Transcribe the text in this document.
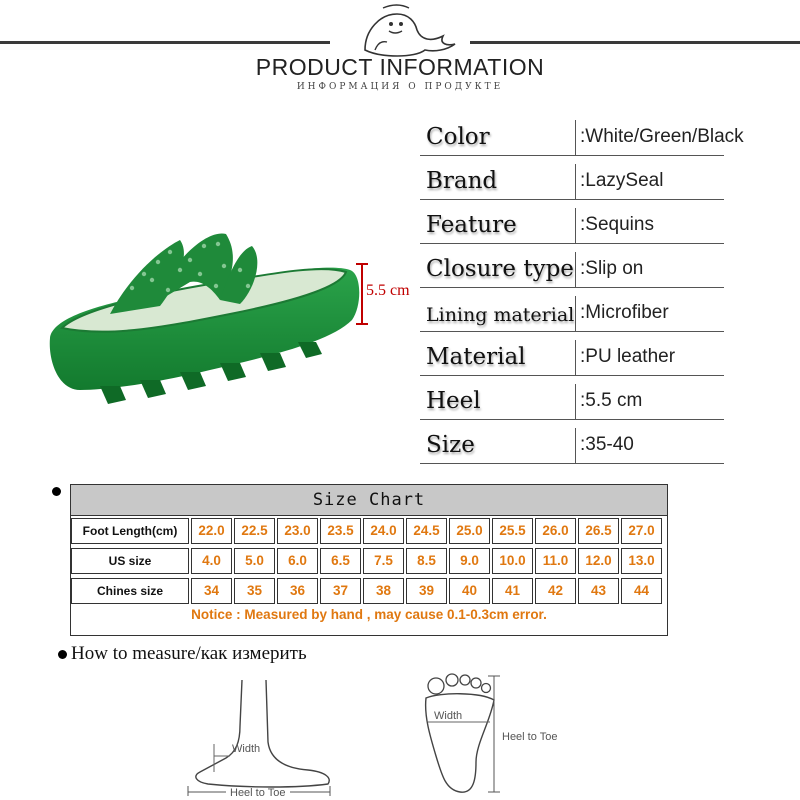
PRODUCT INFORMATION
ИНФОРМАЦИЯ О ПРОДУКТЕ
5.5 cm
Color	:White/Green/Black
Brand	:LazySeal
Feature	:Sequins
Closure type :Slip on
Lining material :Microfiber
Material	:PU leather
Heel	:5.5 cm
Size	:35-40
Size Chart
Foot Length(cm)	22.0	22.5	23.0	23.5	24.0	24.5	25.0	25.5	26.0	26.5	27.0
US size	4.0	5.0	6.0	6.5	7.5	8.5	9.0	10.0	11.0	12.0	13.0
Chines size	34	35	36	37	38	39	40	41	42	43	44
Notice : Measured by hand , may cause 0.1-0.3cm error.
How to measure/как измерить
Width
Heel to Toe
Width
Heel to Toe
